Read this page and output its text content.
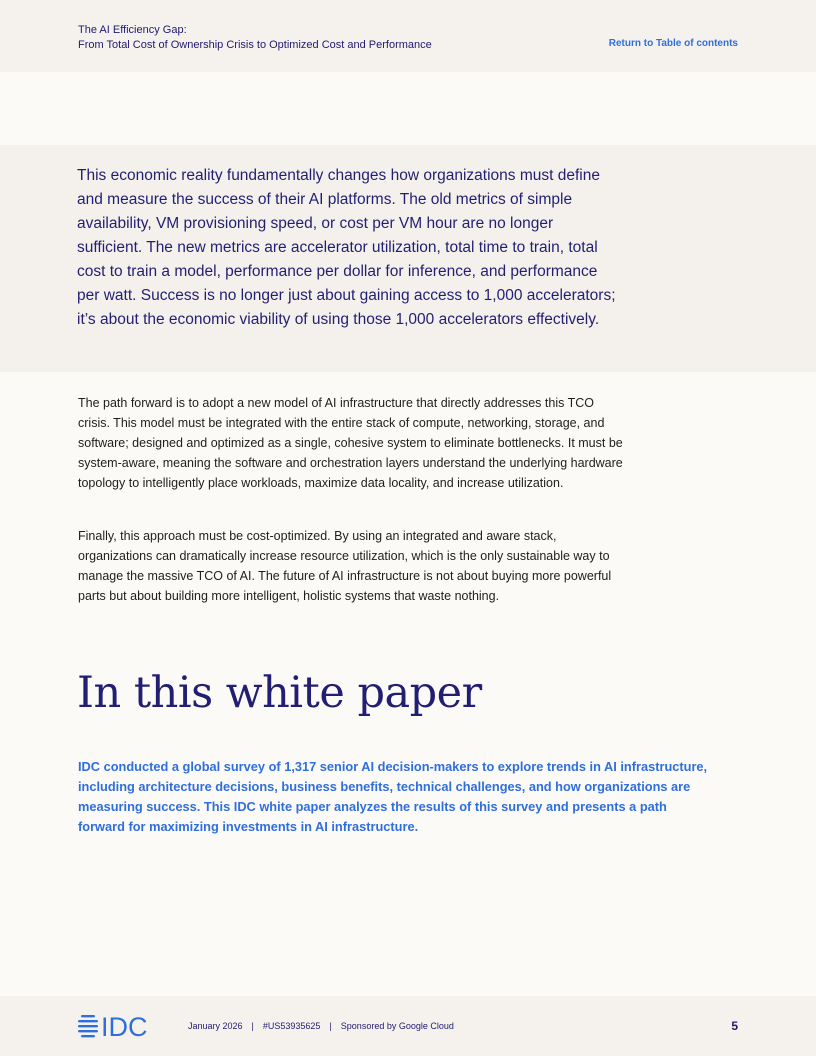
The AI Efficiency Gap:
From Total Cost of Ownership Crisis to Optimized Cost and Performance	Return to Table of contents

This economic reality fundamentally changes how organizations must define and measure the success of their AI platforms. The old metrics of simple availability, VM provisioning speed, or cost per VM hour are no longer sufficient. The new metrics are accelerator utilization, total time to train, total cost to train a model, performance per dollar for inference, and performance per watt. Success is no longer just about gaining access to 1,000 accelerators; it’s about the economic viability of using those 1,000 accelerators effectively.

The path forward is to adopt a new model of AI infrastructure that directly addresses this TCO crisis. This model must be integrated with the entire stack of compute, networking, storage, and software; designed and optimized as a single, cohesive system to eliminate bottlenecks. It must be system-aware, meaning the software and orchestration layers understand the underlying hardware topology to intelligently place workloads, maximize data locality, and increase utilization.

Finally, this approach must be cost-optimized. By using an integrated and aware stack, organizations can dramatically increase resource utilization, which is the only sustainable way to manage the massive TCO of AI. The future of AI infrastructure is not about buying more powerful parts but about building more intelligent, holistic systems that waste nothing.

In this white paper

IDC conducted a global survey of 1,317 senior AI decision-makers to explore trends in AI infrastructure, including architecture decisions, business benefits, technical challenges, and how organizations are measuring success. This IDC white paper analyzes the results of this survey and presents a path forward for maximizing investments in AI infrastructure.

IDC	January 2026 | #US53935625 | Sponsored by Google Cloud	5
